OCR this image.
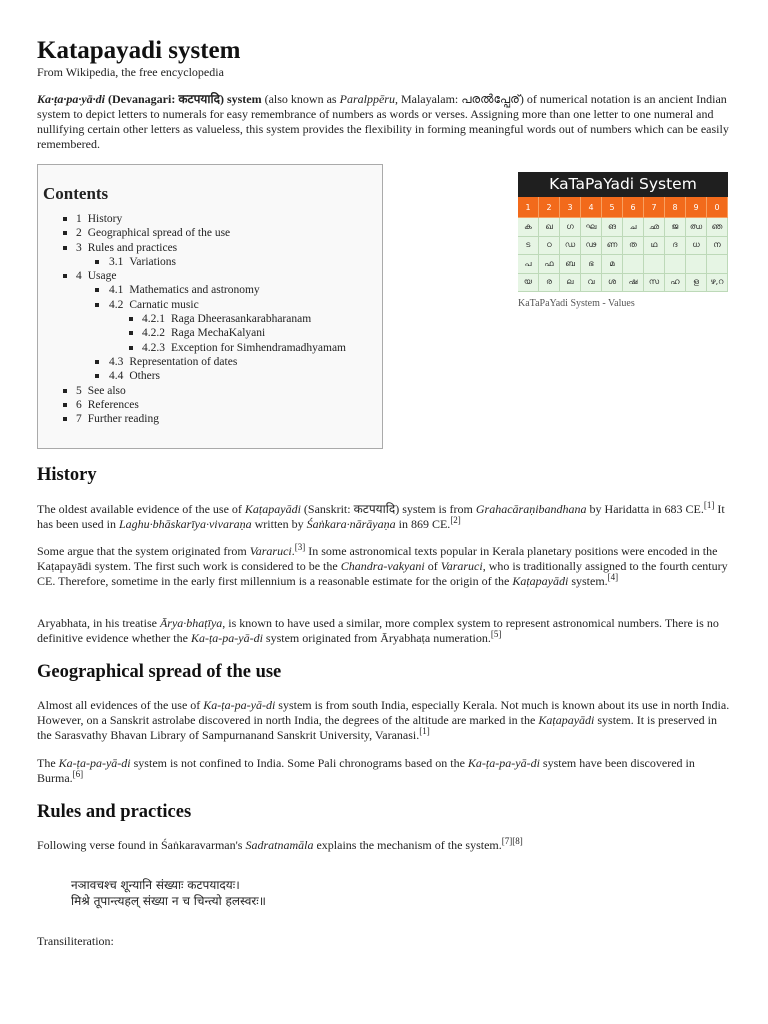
Katapayadi system
From Wikipedia, the free encyclopedia

Ka·ṭa·pa·yā·di (Devanagari: कटपयादि) system (also known as Paralppēru, Malayalam: പരല്‍പ്പേര്) of numerical notation is an ancient Indian system to depict letters to numerals for easy remembrance of numbers as words or verses. Assigning more than one letter to one numeral and nullifying certain other letters as valueless, this system provides the flexibility in forming meaningful words out of numbers which can be easily remembered.

Contents
1 History
2 Geographical spread of the use
3 Rules and practices
3.1 Variations
4 Usage
4.1 Mathematics and astronomy
4.2 Carnatic music
4.2.1 Raga Dheerasankarabharanam
4.2.2 Raga MechaKalyani
4.2.3 Exception for Simhendramadhyamam
4.3 Representation of dates
4.4 Others
5 See also
6 References
7 Further reading
KaTaPaYadi System
1	2	3	4	5	6	7	8	9	0
ക	ഖ	ഗ	ഘ	ങ	ച	ഛ	ജ	ഝ	ഞ
ട	ഠ	ഡ	ഢ	ണ	ത	ഥ	ദ	ധ	ന
പ	ഫ	ബ	ഭ	മ
യ	ര	ല	വ	ശ	ഷ	സ	ഹ	ള	ഴ,റ
KaTaPaYadi System - Values
History

The oldest available evidence of the use of Kaṭapayādi (Sanskrit: कटपयादि) system is from Grahacāraṇibandhana by Haridatta in 683 CE.[1] It has been used in Laghu·bhāskarīya·vivaraṇa written by Śaṅkara·nārāyaṇa in 869 CE.[2]

Some argue that the system originated from Vararuci.[3] In some astronomical texts popular in Kerala planetary positions were encoded in the Kaṭapayādi system. The first such work is considered to be the Chandra-vakyani of Vararuci, who is traditionally assigned to the fourth century CE. Therefore, sometime in the early first millennium is a reasonable estimate for the origin of the Kaṭapayādi system.[4]

Aryabhata, in his treatise Ārya·bhaṭīya, is known to have used a similar, more complex system to represent astronomical numbers. There is no definitive evidence whether the Ka-ṭa-pa-yā-di system originated from Āryabhaṭa numeration.[5]

Geographical spread of the use

Almost all evidences of the use of Ka-ṭa-pa-yā-di system is from south India, especially Kerala. Not much is known about its use in north India. However, on a Sanskrit astrolabe discovered in north India, the degrees of the altitude are marked in the Kaṭapayādi system. It is preserved in the Sarasvathy Bhavan Library of Sampurnanand Sanskrit University, Varanasi.[1]

The Ka-ṭa-pa-yā-di system is not confined to India. Some Pali chronograms based on the Ka-ṭa-pa-yā-di system have been discovered in Burma.[6]

Rules and practices

Following verse found in Śaṅkaravarman's Sadratnamāla explains the mechanism of the system.[7][8]

नञावचश्च शून्यानि संख्याः कटपयादयः।
मिश्रे तूपान्त्यहल् संख्या न च चिन्त्यो हलस्वरः॥

Transiliteration:
